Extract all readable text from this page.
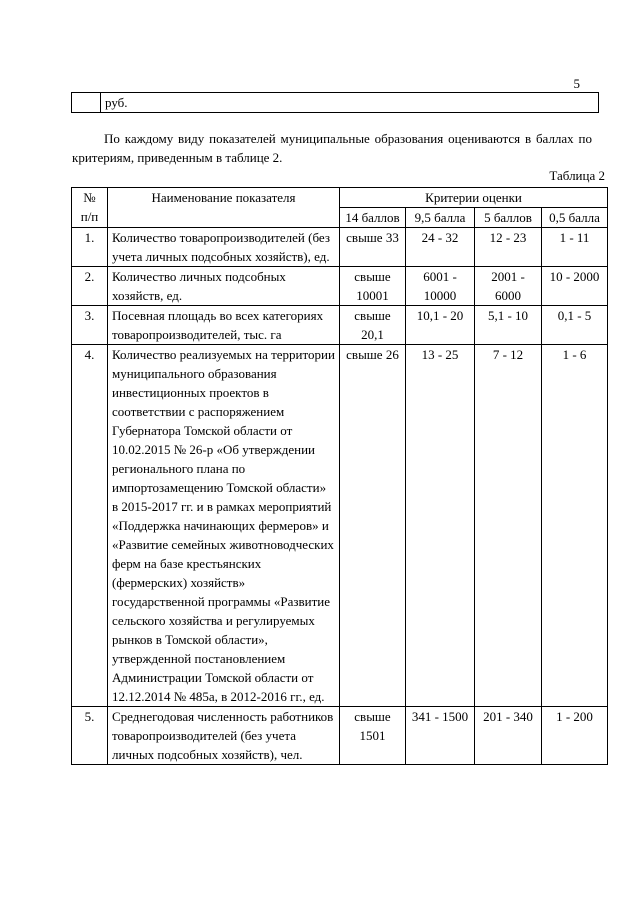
5
	руб.

По каждому виду показателей муниципальные образования оцениваются в баллах по критериям, приведенным в таблице 2.

Таблица 2
№
п/п	Наименование показателя	Критерии оценки			
		14 баллов	9,5 балла	5 баллов	0,5 балла
1.	Количество товаропроизводителей (без учета личных подсобных хозяйств), ед.	свыше 33	24 - 32	12 - 23	1 - 11
2.	Количество личных подсобных хозяйств, ед.	свыше 10001	6001 - 10000	2001 - 6000	10 - 2000
3.	Посевная площадь во всех категориях товаропроизводителей, тыс. га	свыше 20,1	10,1 - 20	5,1 - 10	0,1 - 5
4.	Количество реализуемых на территории муниципального образования инвестиционных проектов в соответствии с распоряжением Губернатора Томской области от 10.02.2015 № 26-р «Об утверждении регионального плана по импортозамещению Томской области» в 2015-2017 гг. и в рамках мероприятий «Поддержка начинающих фермеров» и «Развитие семейных животноводческих ферм на базе крестьянских (фермерских) хозяйств» государственной программы «Развитие сельского хозяйства и регулируемых рынков в Томской области», утвержденной постановлением Администрации Томской области от 12.12.2014 № 485а, в 2012-2016 гг., ед.	свыше 26	13 - 25	7 - 12	1 - 6
5.	Среднегодовая численность работников товаропроизводителей (без учета личных подсобных хозяйств), чел.	свыше 1501	341 - 1500	201 - 340	1 - 200
